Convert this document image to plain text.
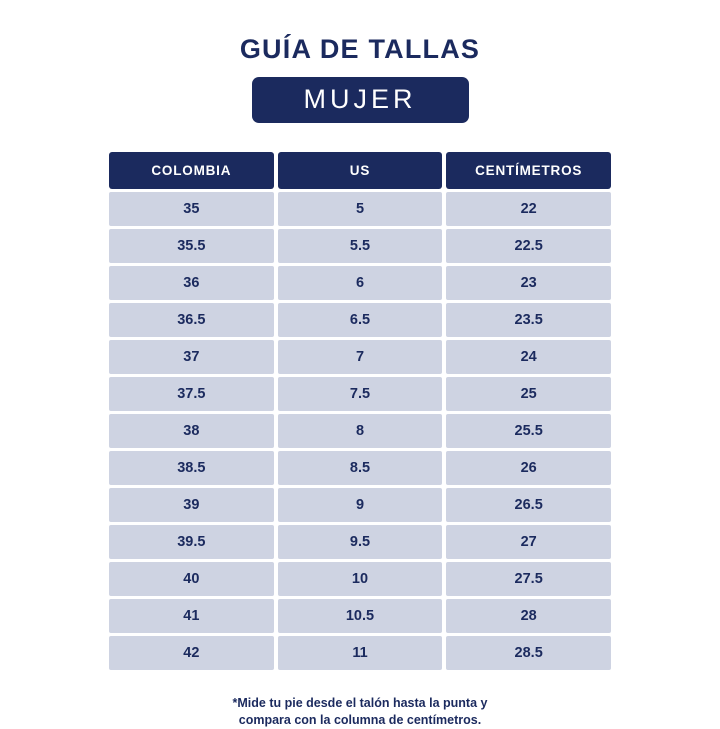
GUÍA DE TALLAS
MUJER
COLOMBIA	US	CENTÍMETROS
35	5	22
35.5	5.5	22.5
36	6	23
36.5	6.5	23.5
37	7	24
37.5	7.5	25
38	8	25.5
38.5	8.5	26
39	9	26.5
39.5	9.5	27
40	10	27.5
41	10.5	28
42	11	28.5
*Mide tu pie desde el talón hasta la punta y
compara con la columna de centímetros.
